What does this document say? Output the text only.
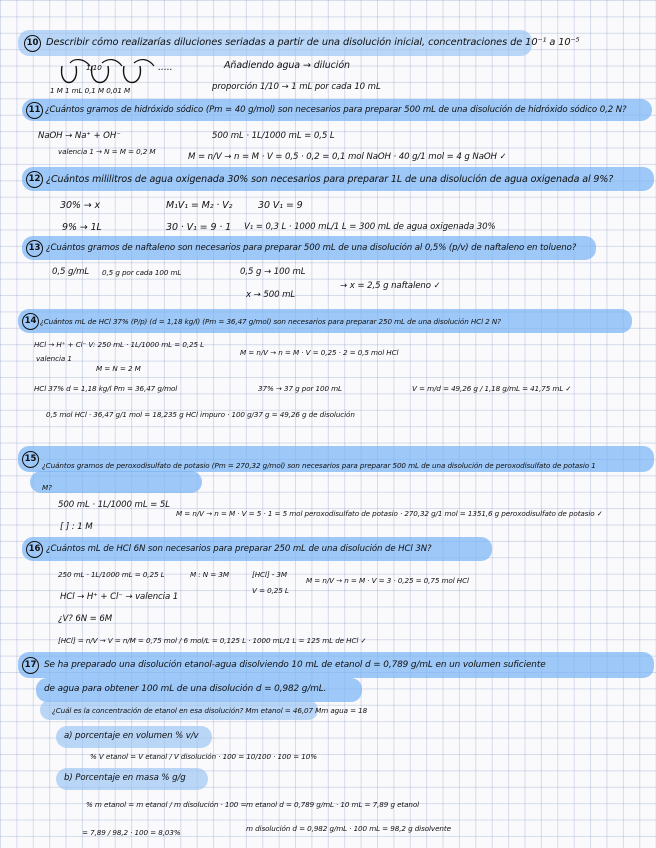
10 Describir cómo realizarías diluciones seriadas a partir de una disolución inicial, concentraciones de 10⁻¹ a 10⁻⁵
1/10
1 M 1 mL 0,1 M 0,01 M
.....	Añadiendo agua → dilución
proporción 1/10 → 1 mL por cada 10 mL
11 ¿Cuántos gramos de hidróxido sódico (Pm = 40 g/mol) son necesarios para preparar 500 mL de una disolución de hidróxido sódico 0,2 N?
NaOH → Na⁺ + OH⁻	500 mL · 1L/1000 mL = 0,5 L
valencia 1 → N = M = 0,2 M
M = n/V → n = M · V = 0,5 · 0,2 = 0,1 mol NaOH · 40 g/1 mol = 4 g NaOH ✓
12 ¿Cuántos mililitros de agua oxigenada 30% son necesarios para preparar 1L de una disolución de agua oxigenada al 9%?
30% → x	M₁V₁ = M₂ · V₂	30 V₁ = 9
9% → 1L	30 · V₁ = 9 · 1 V₁ = 0,3 L · 1000 mL/1 L = 300 mL de agua oxigenada 30%
13 ¿Cuántos gramos de naftaleno son necesarios para preparar 500 mL de una disolución al 0,5% (p/v) de naftaleno en tolueno?
0,5 g/mL 0,5 g por cada 100 mL	0,5 g → 100 mL
x → 500 mL
→ x = 2,5 g naftaleno ✓
14 ¿Cuántos mL de HCl 37% (P/p) (d = 1,18 kg/l) (Pm = 36,47 g/mol) son necesarios para preparar 250 mL de una disolución HCl 2 N?
HCl → H⁺ + Cl⁻ V: 250 mL · 1L/1000 mL = 0,25 L
M = n/V → n = M · V = 0,25 · 2 = 0,5 mol HCl
valencia 1
M = N = 2 M
HCl 37% d = 1,18 kg/l Pm = 36,47 g/mol	37% → 37 g por 100 mL	V = m/d = 49,26 g / 1,18 g/mL = 41,75 mL ✓
0,5 mol HCl · 36,47 g/1 mol = 18,235 g HCl impuro · 100 g/37 g = 49,26 g de disolución
15
¿Cuántos gramos de peroxodisulfato de potasio (Pm = 270,32 g/mol) son necesarios para preparar 500 mL de una disolución de peroxodisulfato de potasio 1 M?
500 mL · 1L/1000 mL = 5L
[ ] : 1 M
M = n/V → n = M · V = 5 · 1 = 5 mol peroxodisulfato de potasio · 270,32 g/1 mol = 1351,6 g peroxodisulfato de potasio ✓
16 ¿Cuántos mL de HCl 6N son necesarios para preparar 250 mL de una disolución de HCl 3N?
250 mL · 1L/1000 mL = 0,25 L	M : N = 3M	[HCl] - 3M
V = 0,25 L
M = n/V → n = M · V = 3 · 0,25 = 0,75 mol HCl
HCl → H⁺ + Cl⁻ → valencia 1
¿V? 6N = 6M
[HCl] = n/V → V = n/M = 0,75 mol / 6 mol/L = 0,125 L · 1000 mL/1 L = 125 mL de HCl ✓
17 Se ha preparado una disolución etanol-agua disolviendo 10 mL de etanol d = 0,789 g/mL en un volumen suficiente
de agua para obtener 100 mL de una disolución d = 0,982 g/mL.
¿Cuál es la concentración de etanol en esa disolución? Mm etanol = 46,07 Mm agua = 18
a) porcentaje en volumen % v/v
% V etanol = V etanol / V disolución · 100 = 10/100 · 100 = 10%
b) Porcentaje en masa % g/g
% m etanol = m etanol / m disolución · 100 = m etanol d = 0,789 g/mL · 10 mL = 7,89 g etanol
= 7,89 / 98,2 · 100 = 8,03%	m disolución d = 0,982 g/mL · 100 mL = 98,2 g disolvente
